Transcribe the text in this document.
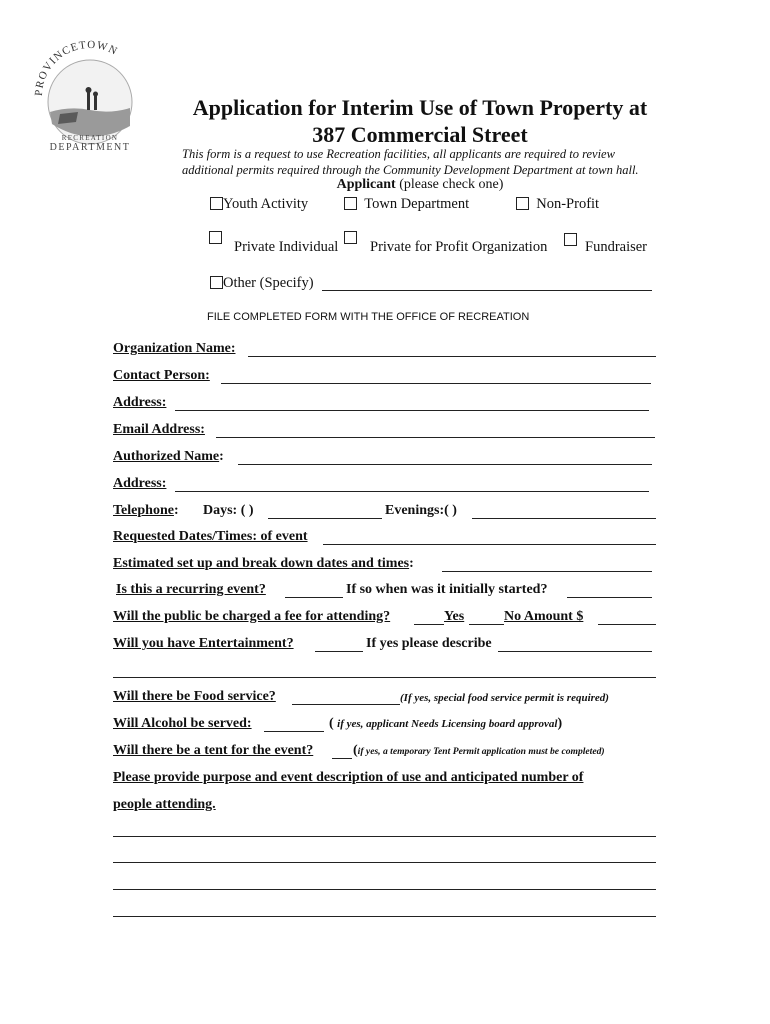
PROVINCETOWN
RECREATION
DEPARTMENT
Application for Interim Use of Town Property at
387 Commercial Street
This form is a request to use Recreation facilities, all applicants are required to review
additional permits required through the Community Development Department at town hall.
Applicant (please check one)
Youth Activity	Town Department	Non-Profit
Private Individual Private for Profit Organization	Fundraiser
Other (Specify)
FILE COMPLETED FORM WITH THE OFFICE OF RECREATION
Organization Name:
Contact Person:
Address:
Email Address:
Authorized Name:
Address:
Telephone: Days: ( )	Evenings:( )
Requested Dates/Times: of event
Estimated set up and break down dates and times:
Is this a recurring event?	If so when was it initially started?
Will the public be charged a fee for attending?	Yes	No Amount $
Will you have Entertainment?	If yes please describe
Will there be Food service?	(If yes, special food service permit is required)
Will Alcohol be served:	( if yes, applicant Needs Licensing board approval)
Will there be a tent for the event?	(if yes, a temporary Tent Permit application must be completed)
Please provide purpose and event description of use and anticipated number of
people attending.
